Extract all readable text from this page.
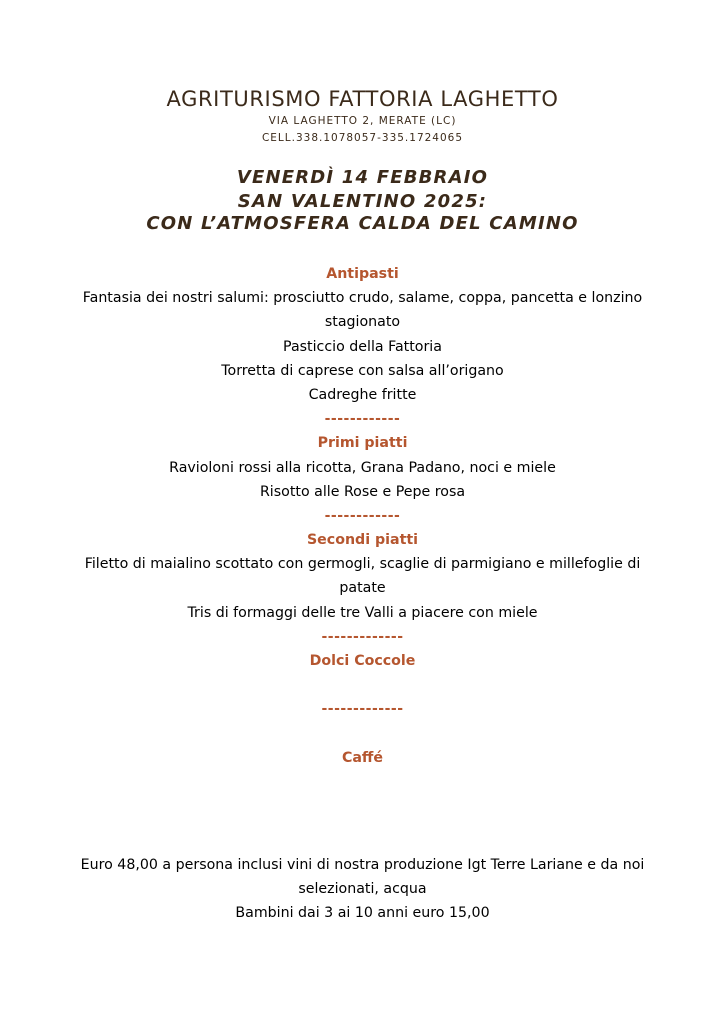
AGRITURISMO FATTORIA LAGHETTO
VIA LAGHETTO 2, MERATE (LC)
CELL.338.1078057-335.1724065
VENERDÌ 14 FEBBRAIO
SAN VALENTINO 2025:
CON L’ATMOSFERA CALDA DEL CAMINO
Antipasti
Fantasia dei nostri salumi: prosciutto crudo, salame, coppa, pancetta e lonzino stagionato
Pasticcio della Fattoria
Torretta di caprese con salsa all’origano
Cadreghe fritte
------------
Primi piatti
Ravioloni rossi alla ricotta, Grana Padano, noci e miele
Risotto alle Rose e Pepe rosa
------------
Secondi piatti
Filetto di maialino scottato con germogli, scaglie di parmigiano e millefoglie di patate
Tris di formaggi delle tre Valli a piacere con miele
-------------
Dolci Coccole
-------------
Caffé
Euro 48,00 a persona inclusi vini di nostra produzione Igt Terre Lariane e da noi selezionati, acqua
Bambini dai 3 ai 10 anni euro 15,00
